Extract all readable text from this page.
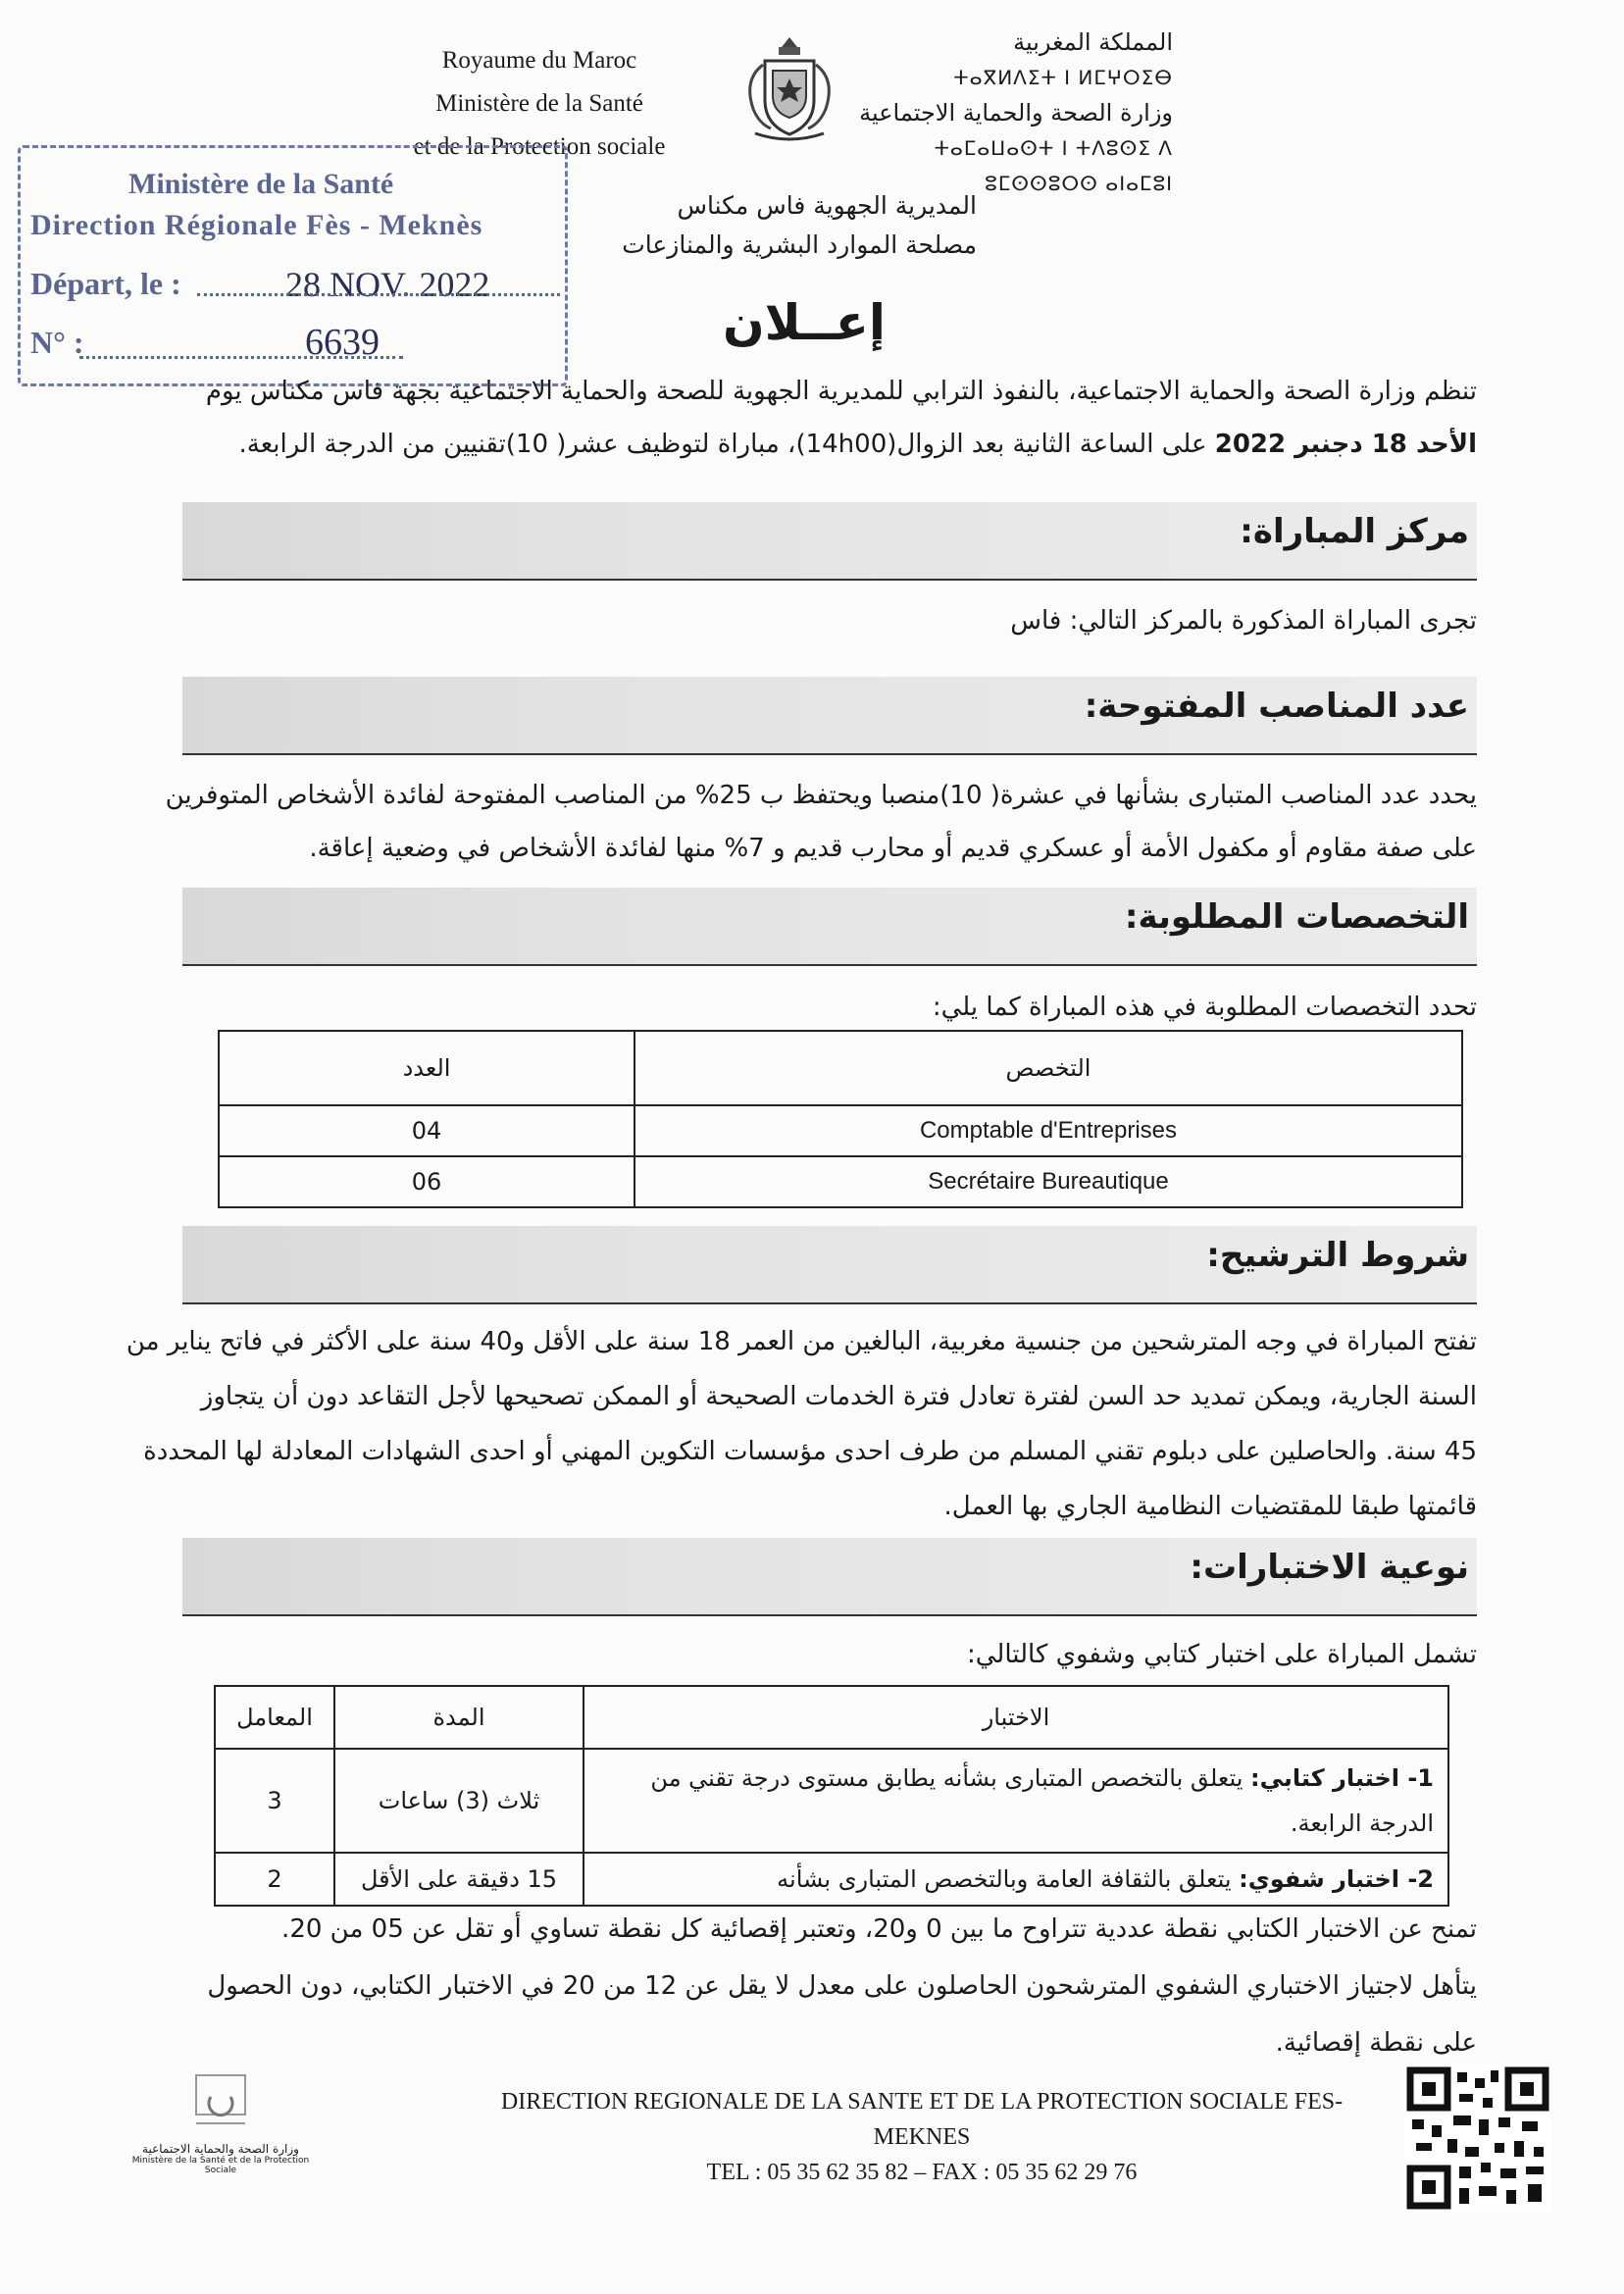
Royaume du Maroc
Ministère de la Santé
et de la Protection sociale
المملكة المغربية
ⵜⴰⴳⵍⴷⵉⵜ ⵏ ⵍⵎⵖⵔⵉⴱ
وزارة الصحة والحماية الاجتماعية
ⵜⴰⵎⴰⵡⴰⵙⵜ ⵏ ⵜⴷⵓⵙⵉ ⴷ ⵓⵎⵙⵙⵓⵔⵙ ⴰⵏⴰⵎⵓⵏ
المديرية الجهوية فاس مكناس
مصلحة الموارد البشرية والمنازعات
Ministère de la Santé
Direction Régionale Fès - Meknès
Départ, le :	28 NOV. 2022
N° :	6639	إعــلان
تنظم وزارة الصحة والحماية الاجتماعية، بالنفوذ الترابي للمديرية الجهوية للصحة والحماية الاجتماعية بجهة فاس مكناس يوم
الأحد 18 دجنبر 2022 على الساعة الثانية بعد الزوال(14h00)، مباراة لتوظيف عشر( 10)تقنيين من الدرجة الرابعة.
مركز المباراة:
تجرى المباراة المذكورة بالمركز التالي: فاس
عدد المناصب المفتوحة:
يحدد عدد المناصب المتبارى بشأنها في عشرة( 10)منصبا ويحتفظ ب 25% من المناصب المفتوحة لفائدة الأشخاص المتوفرين
على صفة مقاوم أو مكفول الأمة أو عسكري قديم أو محارب قديم و 7% منها لفائدة الأشخاص في وضعية إعاقة.
التخصصات المطلوبة:
تحدد التخصصات المطلوبة في هذه المباراة كما يلي:
العدد	التخصص
04	Comptable d'Entreprises
06	Secrétaire Bureautique
شروط الترشيح:
تفتح المباراة في وجه المترشحين من جنسية مغربية، البالغين من العمر 18 سنة على الأقل و40 سنة على الأكثر في فاتح يناير من
السنة الجارية، ويمكن تمديد حد السن لفترة تعادل فترة الخدمات الصحيحة أو الممكن تصحيحها لأجل التقاعد دون أن يتجاوز
45 سنة. والحاصلين على دبلوم تقني المسلم من طرف احدى مؤسسات التكوين المهني أو احدى الشهادات المعادلة لها المحددة
قائمتها طبقا للمقتضيات النظامية الجاري بها العمل.
نوعية الاختبارات:
تشمل المباراة على اختبار كتابي وشفوي كالتالي:
الاختبار	المدة	المعامل
1- اختبار كتابي: يتعلق بالتخصص المتبارى بشأنه يطابق مستوى درجة تقني من الدرجة الرابعة.	ثلاث (3) ساعات	3
2- اختبار شفوي: يتعلق بالثقافة العامة وبالتخصص المتبارى بشأنه	15 دقيقة على الأقل	2
تمنح عن الاختبار الكتابي نقطة عددية تتراوح ما بين 0 و20، وتعتبر إقصائية كل نقطة تساوي أو تقل عن 05 من 20.
يتأهل لاجتياز الاختباري الشفوي المترشحون الحاصلون على معدل لا يقل عن 12 من 20 في الاختبار الكتابي، دون الحصول
على نقطة إقصائية.
وزارة الصحة والحماية الاجتماعية
Ministère de la Santé et de la Protection Sociale
DIRECTION REGIONALE DE LA SANTE ET DE LA PROTECTION SOCIALE FES- MEKNES
TEL : 05 35 62 35 82 – FAX : 05 35 62 29 76
